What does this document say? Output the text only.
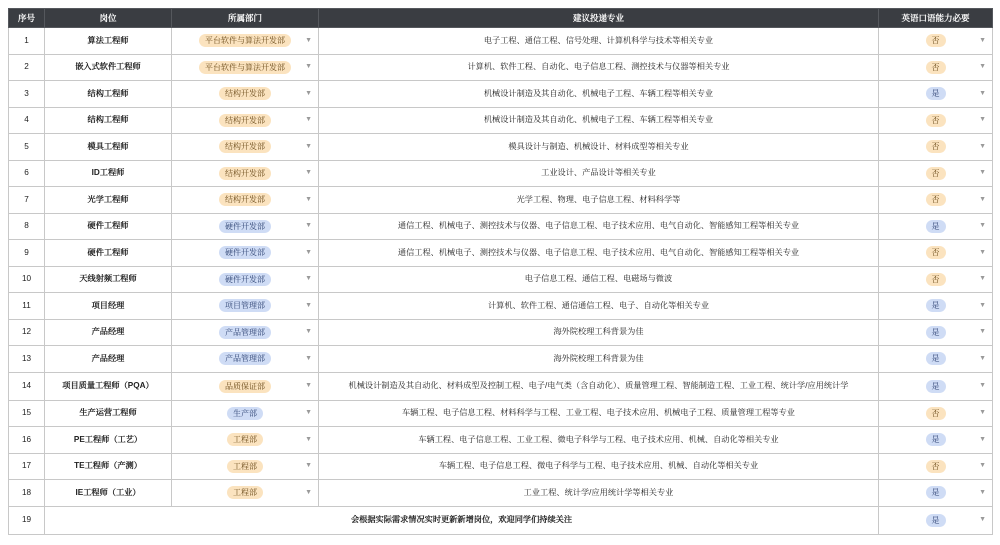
序号	岗位	所属部门	建议投递专业	英语口语能力必要
1	算法工程师	平台软件与算法开发部 ▼	电子工程、通信工程、信号处理、计算机科学与技术等相关专业	否 ▼

2	嵌入式软件工程师	平台软件与算法开发部 ▼	计算机、软件工程、自动化、电子信息工程、测控技术与仪器等相关专业	否 ▼

3	结构工程师	结构开发部 ▼	机械设计制造及其自动化、机械电子工程、车辆工程等相关专业	是 ▼

4	结构工程师	结构开发部 ▼	机械设计制造及其自动化、机械电子工程、车辆工程等相关专业	否 ▼

5	模具工程师	结构开发部 ▼	模具设计与制造、机械设计、材料成型等相关专业	否 ▼

6	ID工程师	结构开发部 ▼	工业设计、产品设计等相关专业	否 ▼

7	光学工程师	结构开发部 ▼	光学工程、物理、电子信息工程、材料科学等	否 ▼

8	硬件工程师	硬件开发部 ▼	通信工程、机械电子、测控技术与仪器、电子信息工程、电子技术应用、电气自动化、智能感知工程等相关专业	是 ▼

9	硬件工程师	硬件开发部 ▼	通信工程、机械电子、测控技术与仪器、电子信息工程、电子技术应用、电气自动化、智能感知工程等相关专业	否 ▼

10	天线射频工程师	硬件开发部 ▼	电子信息工程、通信工程、电磁场与微波	否 ▼

11	项目经理	项目管理部 ▼	计算机、软件工程、通信通信工程、电子、自动化等相关专业	是 ▼

12	产品经理	产品管理部 ▼	海外院校理工科背景为佳	是 ▼

13	产品经理	产品管理部 ▼	海外院校理工科背景为佳	是 ▼

14	项目质量工程师（PQA）	品质保证部 ▼	机械设计制造及其自动化、材料成型及控制工程、电子/电气类（含自动化）、质量管理工程、智能制造工程、工业工程、统计学/应用统计学	是 ▼

15	生产运营工程师	生产部 ▼	车辆工程、电子信息工程、材料科学与工程、工业工程、电子技术应用、机械电子工程、质量管理工程等专业	否 ▼

16	PE工程师（工艺）	工程部 ▼	车辆工程、电子信息工程、工业工程、微电子科学与工程、电子技术应用、机械、自动化等相关专业	是 ▼

17	TE工程师（产测）	工程部 ▼	车辆工程、电子信息工程、微电子科学与工程、电子技术应用、机械、自动化等相关专业	否 ▼

18	IE工程师（工业）	工程部 ▼	工业工程、统计学/应用统计学等相关专业	是 ▼

19	会根据实际需求情况实时更新新增岗位，欢迎同学们持续关注			是 ▼
